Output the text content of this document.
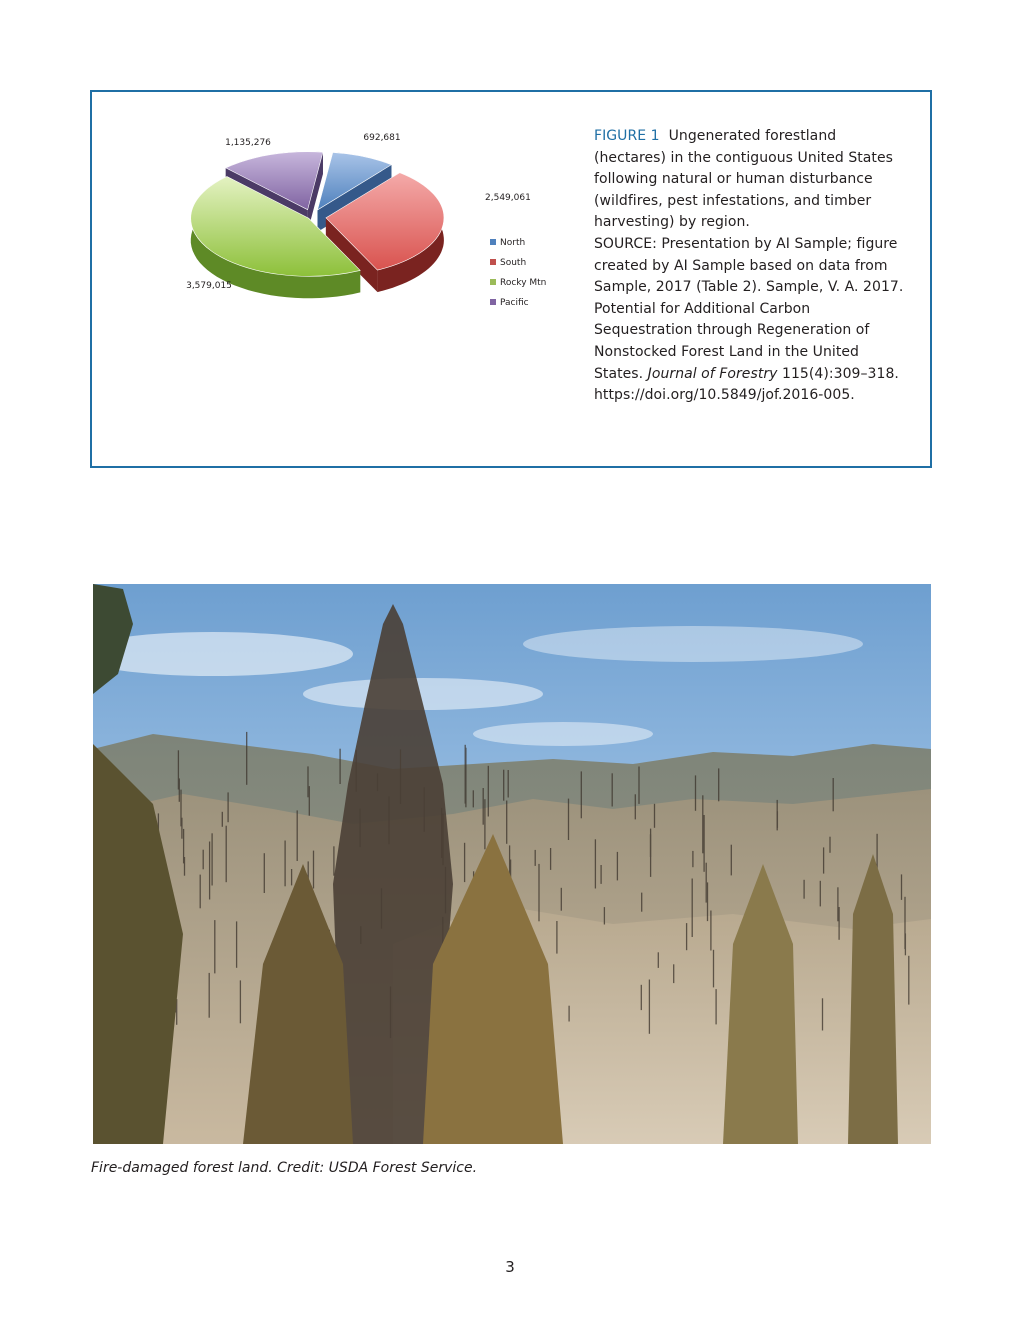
692,681
2,549,061
3,579,015
1,135,276
North
South
Rocky Mtn
Pacific
FIGURE 1 Ungenerated forestland (hectares) in the contiguous United States following natural or human disturbance (wildfires, pest infestations, and timber harvesting) by region.
SOURCE: Presentation by AI Sample; figure created by AI Sample based on data from Sample, 2017 (Table 2). Sample, V. A. 2017. Potential for Additional Carbon Sequestration through Regeneration of Nonstocked Forest Land in the United States. Journal of Forestry 115(4):309–318. https://doi.org/10.5849/jof.2016-005.
Fire-damaged forest land. Credit: USDA Forest Service.
3
